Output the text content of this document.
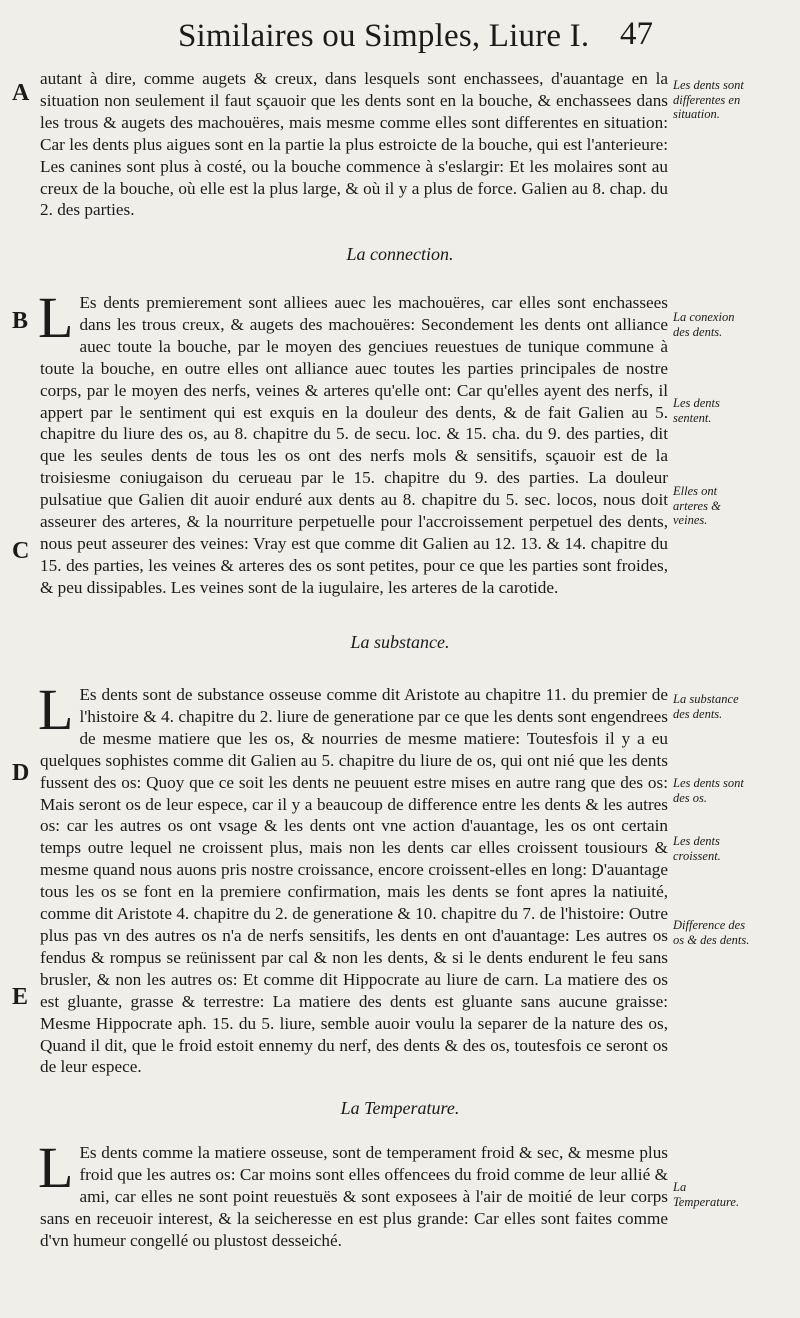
Similaires ou Simples, Liure I. 47
A
B
C
D
E

autant à dire, comme augets & creux, dans lesquels sont enchassees, d'auantage en la situation non seulement il faut sçauoir que les dents sont en la bouche, & enchassees dans les trous & augets des machouëres, mais mesme comme elles sont differentes en situation: Car les dents plus aigues sont en la partie la plus estroicte de la bouche, qui est l'anterieure: Les canines sont plus à costé, ou la bouche commence à s'eslargir: Et les molaires sont au creux de la bouche, où elle est la plus large, & où il y a plus de force. Galien au 8. chap. du 2. des parties.

La connection.

L Es dents premierement sont alliees auec les machouëres, car elles sont enchassees dans les trous creux, & augets des machouëres: Secondement les dents ont alliance auec toute la bouche, par le moyen des genciues reuestues de tunique commune à toute la bouche, en outre elles ont alliance auec toutes les parties principales de nostre corps, par le moyen des nerfs, veines & arteres qu'elle ont: Car qu'elles ayent des nerfs, il appert par le sentiment qui est exquis en la douleur des dents, & de fait Galien au 5. chapitre du liure des os, au 8. chapitre du 5. de secu. loc. & 15. cha. du 9. des parties, dit que les seules dents de tous les os ont des nerfs mols & sensitifs, sçauoir est de la troisiesme coniugaison du cerueau par le 15. chapitre du 9. des parties. La douleur pulsatiue que Galien dit auoir enduré aux dents au 8. chapitre du 5. sec. locos, nous doit asseurer des arteres, & la nourriture perpetuelle pour l'accroissement perpetuel des dents, nous peut asseurer des veines: Vray est que comme dit Galien au 12. 13. & 14. chapitre du 15. des parties, les veines & arteres des os sont petites, pour ce que les parties sont froides, & peu dissipables. Les veines sont de la iugulaire, les arteres de la carotide.

La substance.

L Es dents sont de substance osseuse comme dit Aristote au chapitre 11. du premier de l'histoire & 4. chapitre du 2. liure de generatione par ce que les dents sont engendrees de mesme matiere que les os, & nourries de mesme matiere: Toutesfois il y a eu quelques sophistes comme dit Galien au 5. chapitre du liure de os, qui ont nié que les dents fussent des os: Quoy que ce soit les dents ne peuuent estre mises en autre rang que des os: Mais seront os de leur espece, car il y a beaucoup de difference entre les dents & les autres os: car les autres os ont vsage & les dents ont vne action d'auantage, les os ont certain temps outre lequel ne croissent plus, mais non les dents car elles croissent tousiours & mesme quand nous auons pris nostre croissance, encore croissent-elles en long: D'auantage tous les os se font en la premiere confirmation, mais les dents se font apres la natiuité, comme dit Aristote 4. chapitre du 2. de generatione & 10. chapitre du 7. de l'histoire: Outre plus pas vn des autres os n'a de nerfs sensitifs, les dents en ont d'auantage: Les autres os fendus & rompus se reünissent par cal & non les dents, & si le dents endurent le feu sans brusler, & non les autres os: Et comme dit Hippocrate au liure de carn. La matiere des os est gluante, grasse & terrestre: La matiere des dents est gluante sans aucune graisse: Mesme Hippocrate aph. 15. du 5. liure, semble auoir voulu la separer de la nature des os, Quand il dit, que le froid estoit ennemy du nerf, des dents & des os, toutesfois ce seront os de leur espece.

La Temperature.

L Es dents comme la matiere osseuse, sont de temperament froid & sec, & mesme plus froid que les autres os: Car moins sont elles offencees du froid comme de leur allié & ami, car elles ne sont point reuestuës & sont exposees à l'air de moitié de leur corps sans en receuoir interest, & la seicheresse en est plus grande: Car elles sont faites comme d'vn humeur congellé ou plustost desseiché.

Les dents sont differentes en situation.
La conexion des dents.
Les dents sentent.
Elles ont arteres & veines.
La substance des dents.
Les dents sont des os.
Les dents croissent.
Difference des os & des dents.
La Temperature.
